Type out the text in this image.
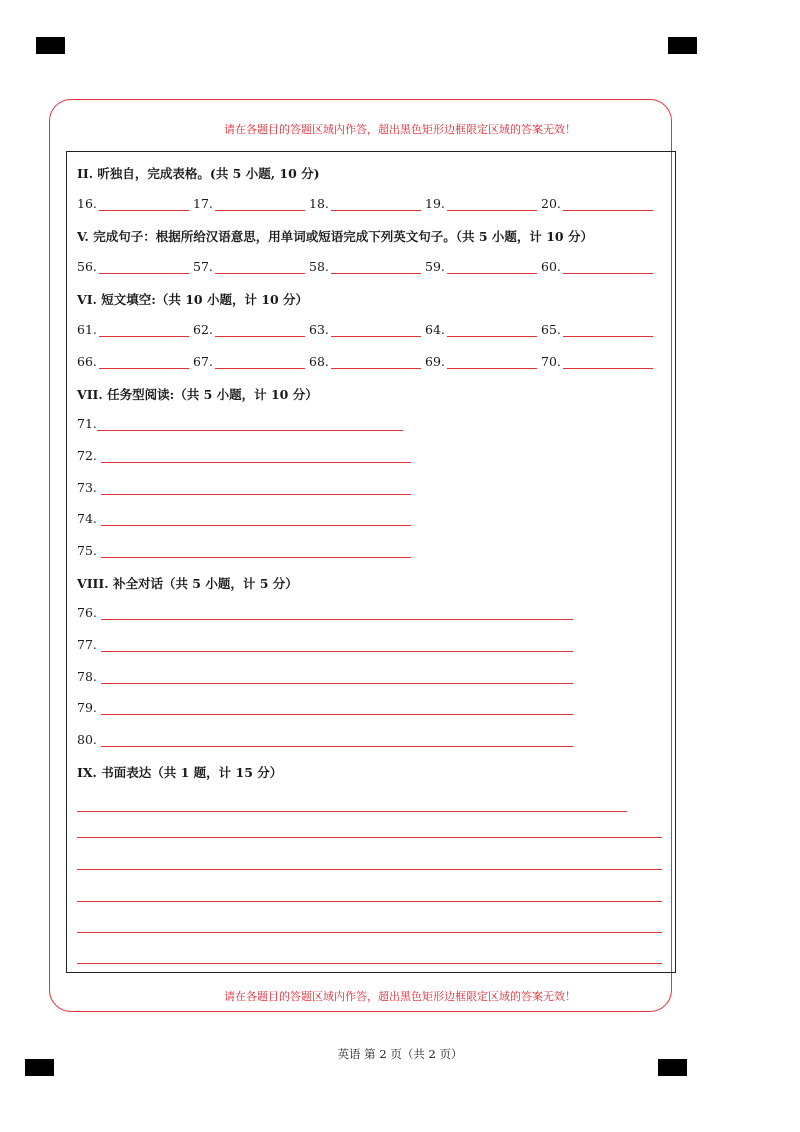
请在各题目的答题区域内作答，超出黑色矩形边框限定区域的答案无效！
请在各题目的答题区域内作答，超出黑色矩形边框限定区域的答案无效！
II. 听独自，完成表格。(共 5 小题, 10 分)
16.	17.	18.	19.	20.
V. 完成句子：根据所给汉语意思，用单词或短语完成下列英文句子。（共 5 小题，计 10 分）
56.	57.	58.	59.	60.
VI. 短文填空:（共 10 小题，计 10 分）
61.	62.	63.	64.	65.
66.	67.	68.	69.	70.
VII. 任务型阅读:（共 5 小题，计 10 分）
71.
72.
73.
74.
75.
VIII. 补全对话（共 5 小题，计 5 分）
76.
77.
78.
79.
80.
IX. 书面表达（共 1 题，计 15 分）
英语 第 2 页（共 2 页）
